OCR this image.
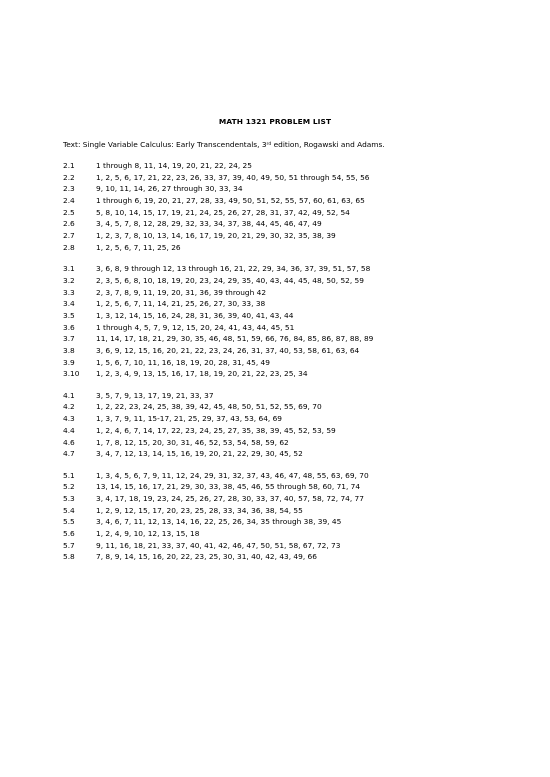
MATH 1321 PROBLEM LIST
Text: Single Variable Calculus: Early Transcendentals, 3rd edition, Rogawski and Adams.
2.1	1 through 8, 11, 14, 19, 20, 21, 22, 24, 25
2.2	1, 2, 5, 6, 17, 21, 22, 23, 26, 33, 37, 39, 40, 49, 50, 51 through 54, 55, 56
2.3	9, 10, 11, 14, 26, 27 through 30, 33, 34
2.4	1 through 6, 19, 20, 21, 27, 28, 33, 49, 50, 51, 52, 55, 57, 60, 61, 63, 65
2.5	5, 8, 10, 14, 15, 17, 19, 21, 24, 25, 26, 27, 28, 31, 37, 42, 49, 52, 54
2.6	3, 4, 5, 7, 8, 12, 28, 29, 32, 33, 34, 37, 38, 44, 45, 46, 47, 49
2.7	1, 2, 3, 7, 8, 10, 13, 14, 16, 17, 19, 20, 21, 29, 30, 32, 35, 38, 39
2.8	1, 2, 5, 6, 7, 11, 25, 26
3.1	3, 6, 8, 9 through 12, 13 through 16, 21, 22, 29, 34, 36, 37, 39, 51, 57, 58
3.2	2, 3, 5, 6, 8, 10, 18, 19, 20, 23, 24, 29, 35, 40, 43, 44, 45, 48, 50, 52, 59
3.3	2, 3, 7, 8, 9, 11, 19, 20, 31, 36, 39 through 42
3.4	1, 2, 5, 6, 7, 11, 14, 21, 25, 26, 27, 30, 33, 38
3.5	1, 3, 12, 14, 15, 16, 24, 28, 31, 36, 39, 40, 41, 43, 44
3.6	1 through 4, 5, 7, 9, 12, 15, 20, 24, 41, 43, 44, 45, 51
3.7	11, 14, 17, 18, 21, 29, 30, 35, 46, 48, 51, 59, 66, 76, 84, 85, 86, 87, 88, 89
3.8	3, 6, 9, 12, 15, 16, 20, 21, 22, 23, 24, 26, 31, 37, 40, 53, 58, 61, 63, 64
3.9	1, 5, 6, 7, 10, 11, 16, 18, 19, 20, 28, 31, 45, 49
3.10	1, 2, 3, 4, 9, 13, 15, 16, 17, 18, 19, 20, 21, 22, 23, 25, 34
4.1	3, 5, 7, 9, 13, 17, 19, 21, 33, 37
4.2	1, 2, 22, 23, 24, 25, 38, 39, 42, 45, 48, 50, 51, 52, 55, 69, 70
4.3	1, 3, 7, 9, 11, 15-17, 21, 25, 29, 37, 43, 53, 64, 69
4.4	1, 2, 4, 6, 7, 14, 17, 22, 23, 24, 25, 27, 35, 38, 39, 45, 52, 53, 59
4.6	1, 7, 8, 12, 15, 20, 30, 31, 46, 52, 53, 54, 58, 59, 62
4.7	3, 4, 7, 12, 13, 14, 15, 16, 19, 20, 21, 22, 29, 30, 45, 52
5.1	1, 3, 4, 5, 6, 7, 9, 11, 12, 24, 29, 31, 32, 37, 43, 46, 47, 48, 55, 63, 69, 70
5.2	13, 14, 15, 16, 17, 21, 29, 30, 33, 38, 45, 46, 55 through 58, 60, 71, 74
5.3	3, 4, 17, 18, 19, 23, 24, 25, 26, 27, 28, 30, 33, 37, 40, 57, 58, 72, 74, 77
5.4	1, 2, 9, 12, 15, 17, 20, 23, 25, 28, 33, 34, 36, 38, 54, 55
5.5	3, 4, 6, 7, 11, 12, 13, 14, 16, 22, 25, 26, 34, 35 through 38, 39, 45
5.6	1, 2, 4, 9, 10, 12, 13, 15, 18
5.7	9, 11, 16, 18, 21, 33, 37, 40, 41, 42, 46, 47, 50, 51, 58, 67, 72, 73
5.8	7, 8, 9, 14, 15, 16, 20, 22, 23, 25, 30, 31, 40, 42, 43, 49, 66
